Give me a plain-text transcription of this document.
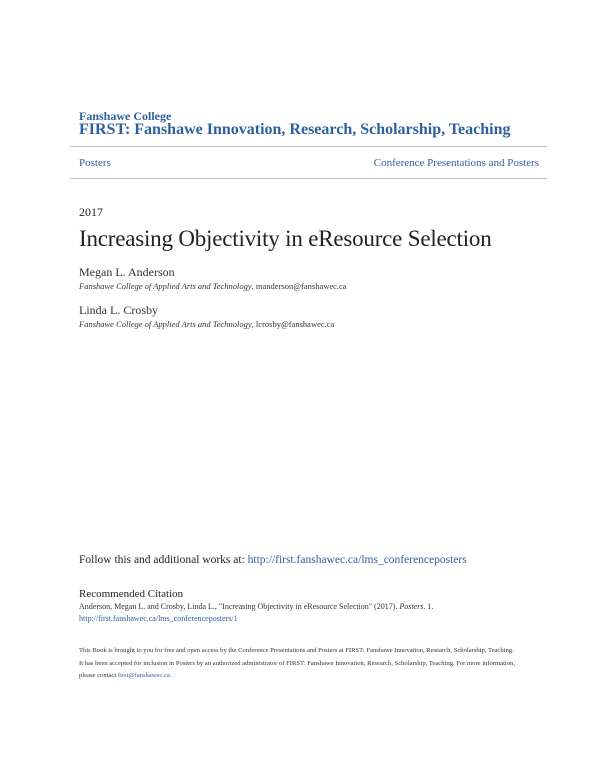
Fanshawe College
FIRST: Fanshawe Innovation, Research, Scholarship, Teaching
Posters	Conference Presentations and Posters
2017
Increasing Objectivity in eResource Selection
Megan L. Anderson
Fanshawe College of Applied Arts and Technology, manderson@fanshawec.ca
Linda L. Crosby
Fanshawe College of Applied Arts and Technology, lcrosby@fanshawec.ca
Follow this and additional works at: http://first.fanshawec.ca/lms_conferenceposters
Recommended Citation
Anderson, Megan L. and Crosby, Linda L., "Increasing Objectivity in eResource Selection" (2017). Posters. 1.
http://first.fanshawec.ca/lms_conferenceposters/1
This Book is brought to you for free and open access by the Conference Presentations and Posters at FIRST: Fanshawe Innovation, Research, Scholarship, Teaching. It has been accepted for inclusion in Posters by an authorized administrator of FIRST: Fanshawe Innovation, Research, Scholarship, Teaching. For more information, please contact first@fanshawec.ca.
